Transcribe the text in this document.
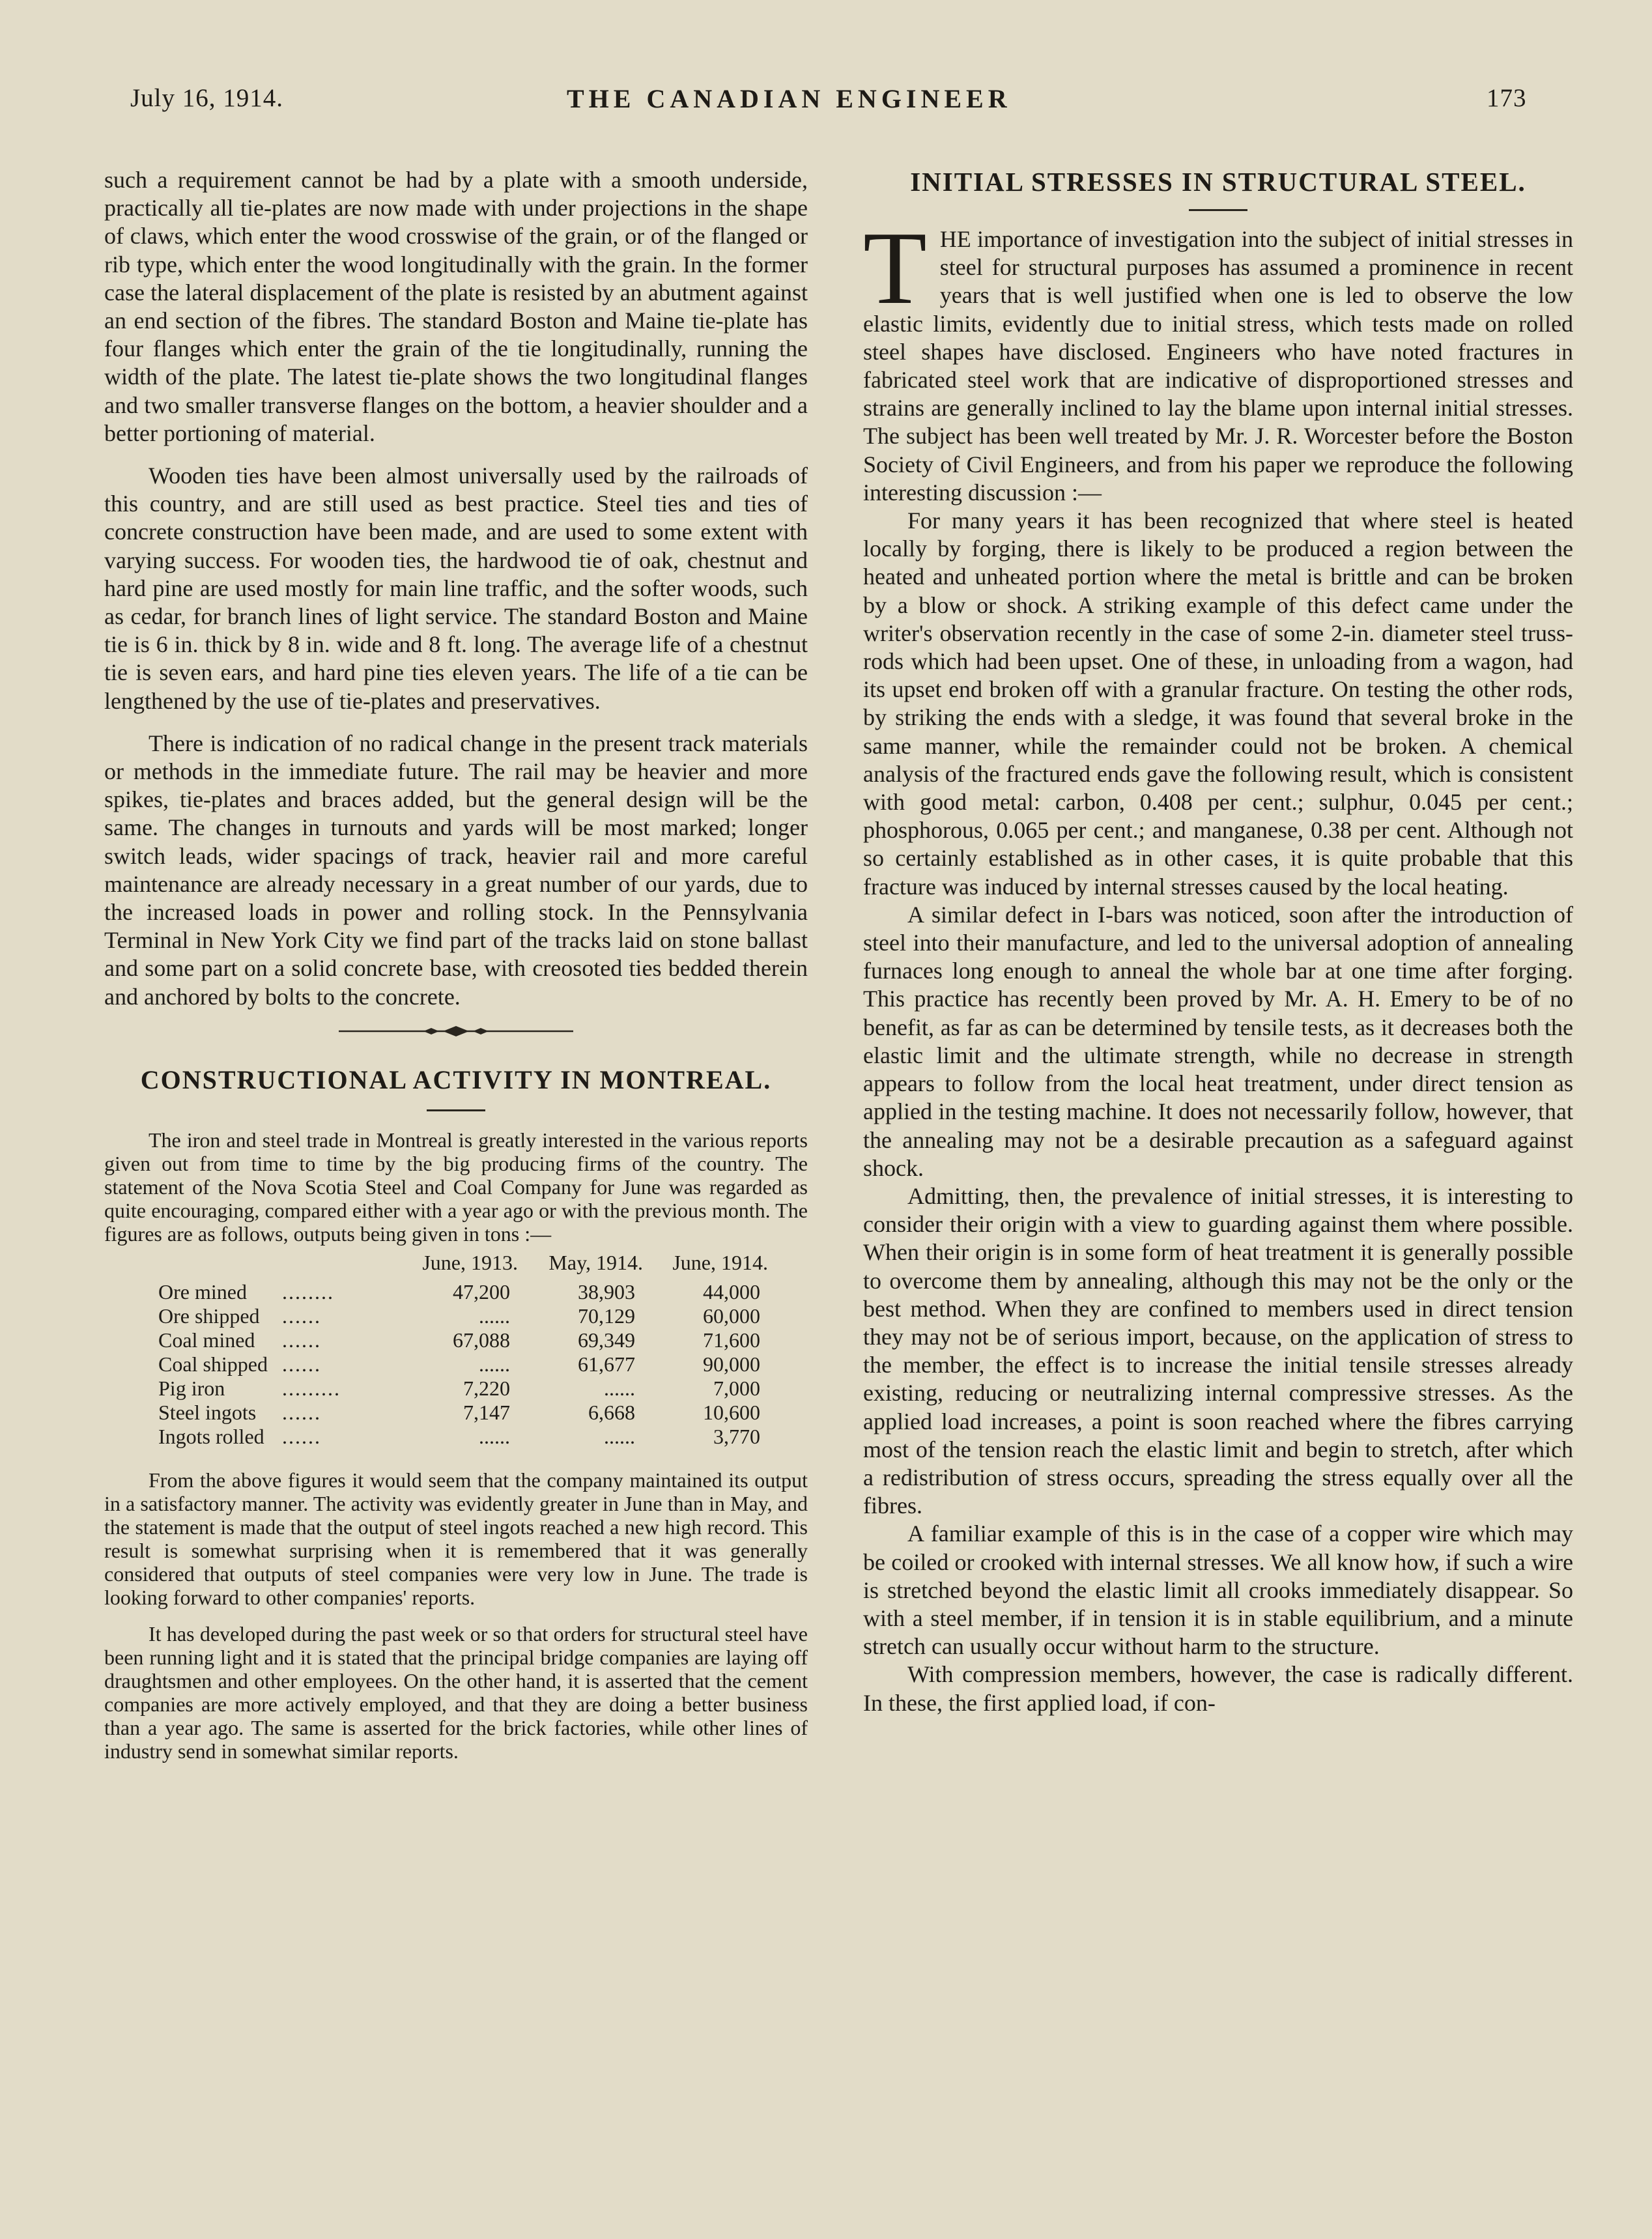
July 16, 1914.	THE CANADIAN ENGINEER	173

such a requirement cannot be had by a plate with a smooth underside, practically all tie-plates are now made with under projections in the shape of claws, which enter the wood crosswise of the grain, or of the flanged or rib type, which enter the wood longitudinally with the grain. In the former case the lateral displacement of the plate is resisted by an abutment against an end section of the fibres. The standard Boston and Maine tie-plate has four flanges which enter the grain of the tie longitudinally, running the width of the plate. The latest tie-plate shows the two longitudinal flanges and two smaller transverse flanges on the bottom, a heavier shoulder and a better portioning of material.

Wooden ties have been almost universally used by the railroads of this country, and are still used as best practice. Steel ties and ties of concrete construction have been made, and are used to some extent with varying success. For wooden ties, the hardwood tie of oak, chestnut and hard pine are used mostly for main line traffic, and the softer woods, such as cedar, for branch lines of light service. The standard Boston and Maine tie is 6 in. thick by 8 in. wide and 8 ft. long. The average life of a chestnut tie is seven ears, and hard pine ties eleven years. The life of a tie can be lengthened by the use of tie-plates and preservatives.

There is indication of no radical change in the present track materials or methods in the immediate future. The rail may be heavier and more spikes, tie-plates and braces added, but the general design will be the same. The changes in turnouts and yards will be most marked; longer switch leads, wider spacings of track, heavier rail and more careful maintenance are already necessary in a great number of our yards, due to the increased loads in power and rolling stock. In the Pennsylvania Terminal in New York City we find part of the tracks laid on stone ballast and some part on a solid concrete base, with creosoted ties bedded therein and anchored by bolts to the concrete.

CONSTRUCTIONAL ACTIVITY IN MONTREAL.

The iron and steel trade in Montreal is greatly interested in the various reports given out from time to time by the big producing firms of the country. The statement of the Nova Scotia Steel and Coal Company for June was regarded as quite encouraging, compared either with a year ago or with the previous month. The figures are as follows, outputs being given in tons :—

		June, 1913.	May, 1914.	June, 1914.
Ore mined	........	47,200	38,903	44,000
Ore shipped	......	......	70,129	60,000
Coal mined	......	67,088	69,349	71,600
Coal shipped	......	......	61,677	90,000
Pig iron	.........	7,220	......	7,000
Steel ingots	......	7,147	6,668	10,600
Ingots rolled	......	......	......	3,770

From the above figures it would seem that the company maintained its output in a satisfactory manner. The activity was evidently greater in June than in May, and the statement is made that the output of steel ingots reached a new high record. This result is somewhat surprising when it is remembered that it was generally considered that outputs of steel companies were very low in June. The trade is looking forward to other companies' reports.

It has developed during the past week or so that orders for structural steel have been running light and it is stated that the principal bridge companies are laying off draughtsmen and other employees. On the other hand, it is asserted that the cement companies are more actively employed, and that they are doing a better business than a year ago. The same is asserted for the brick factories, while other lines of industry send in somewhat similar reports.

INITIAL STRESSES IN STRUCTURAL STEEL.
T HE importance of investigation into the subject of initial stresses in steel for structural purposes has assumed a prominence in recent years that is well justified when one is led to observe the low elastic limits, evidently due to initial stress, which tests made on rolled steel shapes have disclosed. Engineers who have noted fractures in fabricated steel work that are indicative of disproportioned stresses and strains are generally inclined to lay the blame upon internal initial stresses. The subject has been well treated by Mr. J. R. Worcester before the Boston Society of Civil Engineers, and from his paper we reproduce the following interesting discussion :—

For many years it has been recognized that where steel is heated locally by forging, there is likely to be produced a region between the heated and unheated portion where the metal is brittle and can be broken by a blow or shock. A striking example of this defect came under the writer's observation recently in the case of some 2-in. diameter steel truss-rods which had been upset. One of these, in unloading from a wagon, had its upset end broken off with a granular fracture. On testing the other rods, by striking the ends with a sledge, it was found that several broke in the same manner, while the remainder could not be broken. A chemical analysis of the fractured ends gave the following result, which is consistent with good metal: carbon, 0.408 per cent.; sulphur, 0.045 per cent.; phosphorous, 0.065 per cent.; and manganese, 0.38 per cent. Although not so certainly established as in other cases, it is quite probable that this fracture was induced by internal stresses caused by the local heating.

A similar defect in I-bars was noticed, soon after the introduction of steel into their manufacture, and led to the universal adoption of annealing furnaces long enough to anneal the whole bar at one time after forging. This practice has recently been proved by Mr. A. H. Emery to be of no benefit, as far as can be determined by tensile tests, as it decreases both the elastic limit and the ultimate strength, while no decrease in strength appears to follow from the local heat treatment, under direct tension as applied in the testing machine. It does not necessarily follow, however, that the annealing may not be a desirable precaution as a safeguard against shock.

Admitting, then, the prevalence of initial stresses, it is interesting to consider their origin with a view to guarding against them where possible. When their origin is in some form of heat treatment it is generally possible to overcome them by annealing, although this may not be the only or the best method. When they are confined to members used in direct tension they may not be of serious import, because, on the application of stress to the member, the effect is to increase the initial tensile stresses already existing, reducing or neutralizing internal compressive stresses. As the applied load increases, a point is soon reached where the fibres carrying most of the tension reach the elastic limit and begin to stretch, after which a redistribution of stress occurs, spreading the stress equally over all the fibres.

A familiar example of this is in the case of a copper wire which may be coiled or crooked with internal stresses. We all know how, if such a wire is stretched beyond the elastic limit all crooks immediately disappear. So with a steel member, if in tension it is in stable equilibrium, and a minute stretch can usually occur without harm to the structure.

With compression members, however, the case is radically different. In these, the first applied load, if con-
